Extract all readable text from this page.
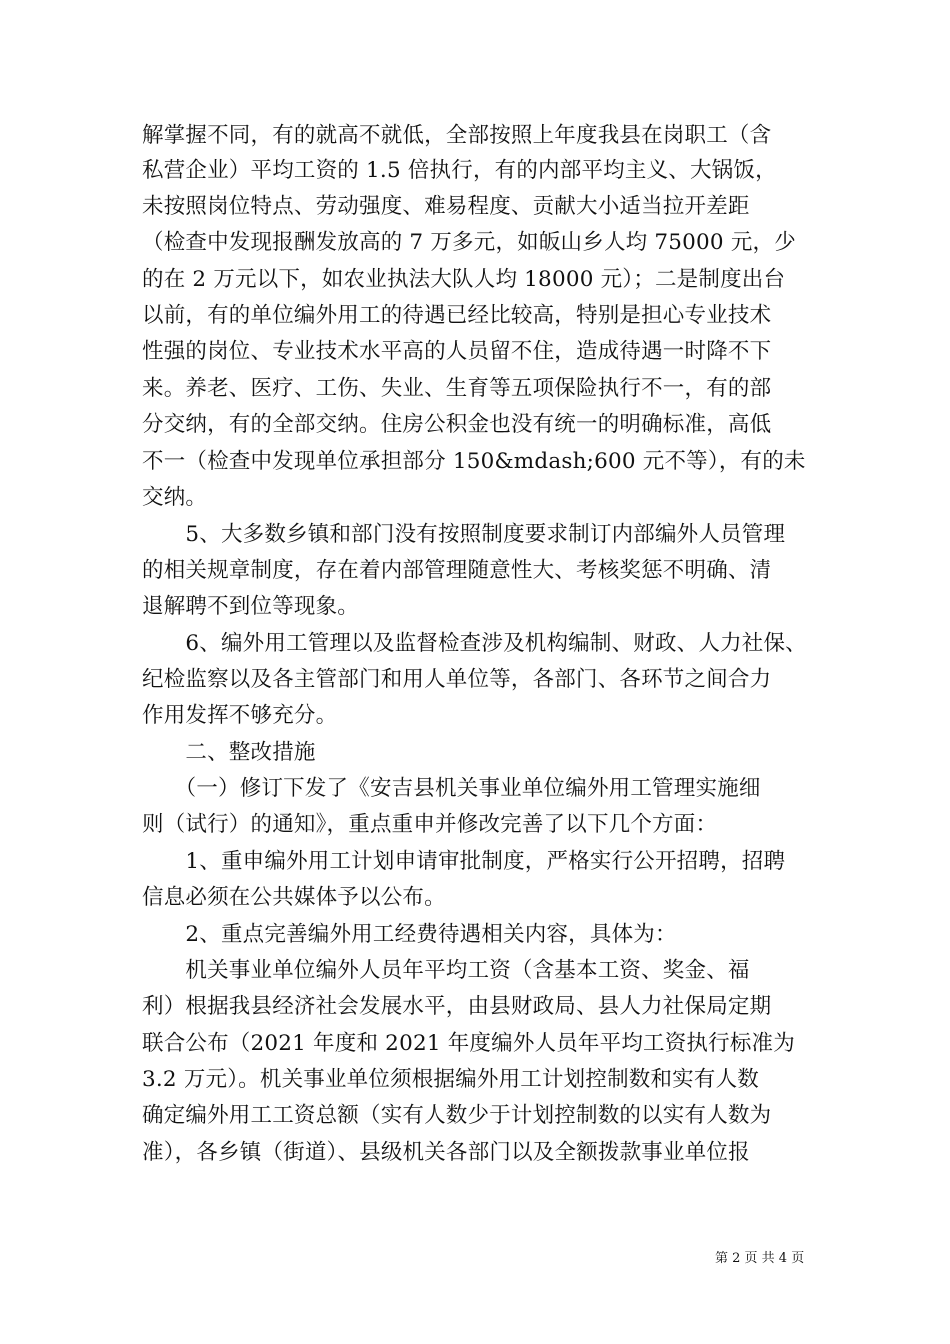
解掌握不同，有的就高不就低，全部按照上年度我县在岗职工（含
私营企业）平均工资的 1.5 倍执行，有的内部平均主义、大锅饭，
未按照岗位特点、劳动强度、难易程度、贡献大小适当拉开差距
（检查中发现报酬发放高的 7 万多元，如皈山乡人均 75000 元，少
的在 2 万元以下，如农业执法大队人均 18000 元）；二是制度出台
以前，有的单位编外用工的待遇已经比较高，特别是担心专业技术
性强的岗位、专业技术水平高的人员留不住，造成待遇一时降不下
来。养老、医疗、工伤、失业、生育等五项保险执行不一，有的部
分交纳，有的全部交纳。住房公积金也没有统一的明确标准，高低
不一（检查中发现单位承担部分 150&mdash;600 元不等），有的未
交纳。
　　5、大多数乡镇和部门没有按照制度要求制订内部编外人员管理
的相关规章制度，存在着内部管理随意性大、考核奖惩不明确、清
退解聘不到位等现象。
　　6、编外用工管理以及监督检查涉及机构编制、财政、人力社保、
纪检监察以及各主管部门和用人单位等，各部门、各环节之间合力
作用发挥不够充分。
　　二、整改措施
　　（一）修订下发了《安吉县机关事业单位编外用工管理实施细
则（试行）的通知》，重点重申并修改完善了以下几个方面：
　　1、重申编外用工计划申请审批制度，严格实行公开招聘，招聘
信息必须在公共媒体予以公布。
　　2、重点完善编外用工经费待遇相关内容，具体为：
　　机关事业单位编外人员年平均工资（含基本工资、奖金、福
利）根据我县经济社会发展水平，由县财政局、县人力社保局定期
联合公布（2021 年度和 2021 年度编外人员年平均工资执行标准为
3.2 万元）。机关事业单位须根据编外用工计划控制数和实有人数
确定编外用工工资总额（实有人数少于计划控制数的以实有人数为
准），各乡镇（街道）、县级机关各部门以及全额拨款事业单位报
第 2 页 共 4 页
